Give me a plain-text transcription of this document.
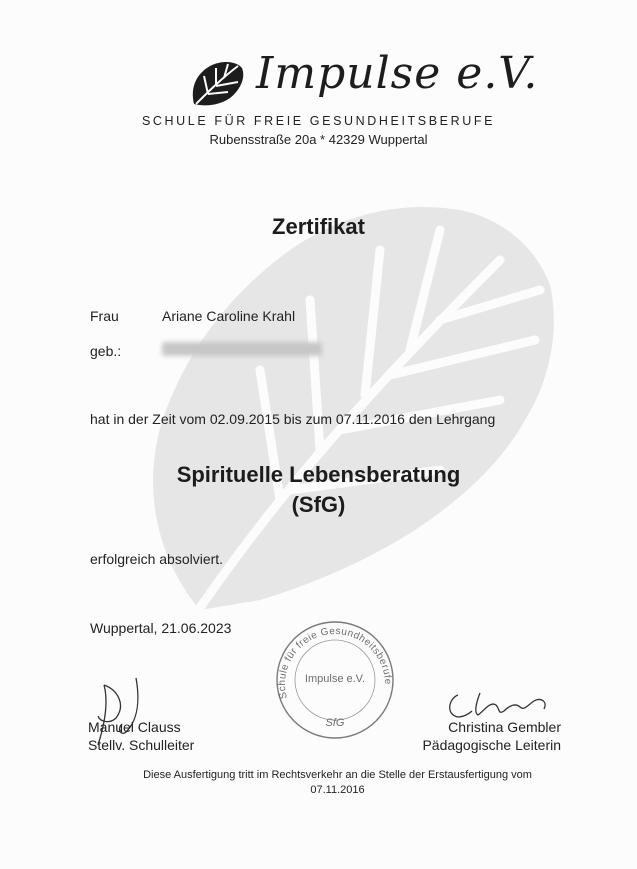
Impulse e.V.
SCHULE FÜR FREIE GESUNDHEITSBERUFE
Rubensstraße 20a * 42329 Wuppertal
Zertifikat
Frau	Ariane Caroline Krahl
geb.:
hat in der Zeit vom 02.09.2015 bis zum 07.11.2016 den Lehrgang
Spirituelle Lebensberatung
(SfG)
erfolgreich absolviert.
Wuppertal, 21.06.2023
Schule für freie Gesundheitsberufe
Impulse e.V.
SfG
Manuel Clauss
Stellv. Schulleiter
Christina Gembler
Pädagogische Leiterin
Diese Ausfertigung tritt im Rechtsverkehr an die Stelle der Erstausfertigung vom
07.11.2016
